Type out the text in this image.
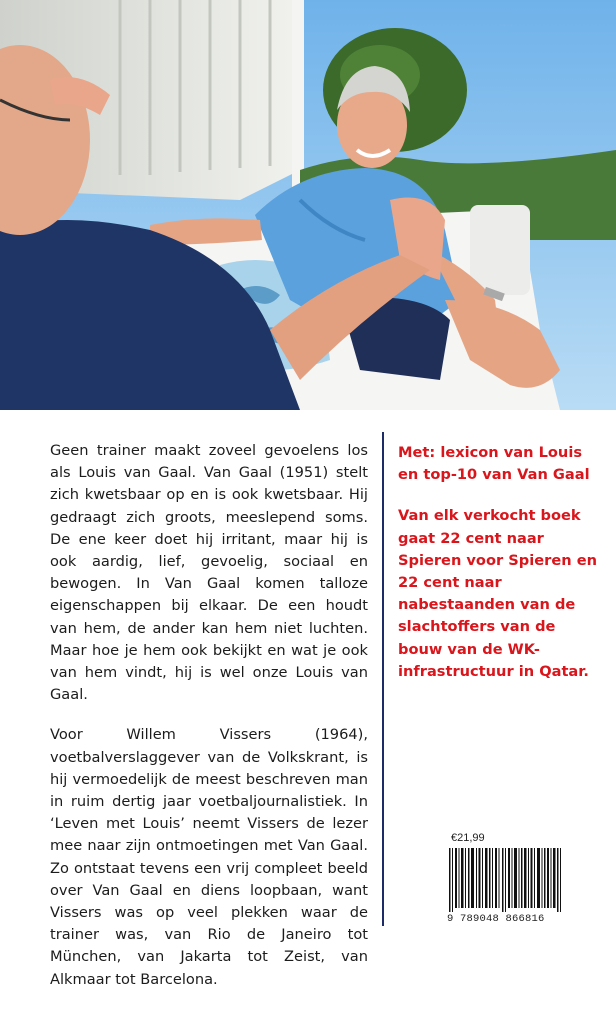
Geen trainer maakt zoveel gevoelens los als Louis van Gaal. Van Gaal (1951) stelt zich kwetsbaar op en is ook kwetsbaar. Hij gedraagt zich groots, meeslepend soms. De ene keer doet hij irritant, maar hij is ook aardig, lief, gevoelig, sociaal en bewogen. In Van Gaal komen talloze eigenschappen bij elkaar. De een houdt van hem, de ander kan hem niet luchten. Maar hoe je hem ook bekijkt en wat je ook van hem vindt, hij is wel onze Louis van Gaal.

Voor Willem Vissers (1964), voetbalverslaggever van de Volkskrant, is hij vermoedelijk de meest beschreven man in ruim dertig jaar voetbaljournalistiek. In ‘Leven met Louis’ neemt Vissers de lezer mee naar zijn ontmoetingen met Van Gaal. Zo ontstaat tevens een vrij compleet beeld over Van Gaal en diens loopbaan, want Vissers was op veel plekken waar de trainer was, van Rio de Janeiro tot München, van Jakarta tot Zeist, van Alkmaar tot Barcelona.

Met: lexicon van Louis en top-10 van Van Gaal

Van elk verkocht boek gaat 22 cent naar Spieren voor Spieren en 22 cent naar nabestaanden van de slachtoffers van de bouw van de WK-infrastructuur in Qatar.

€21,99
9 789048 866816
